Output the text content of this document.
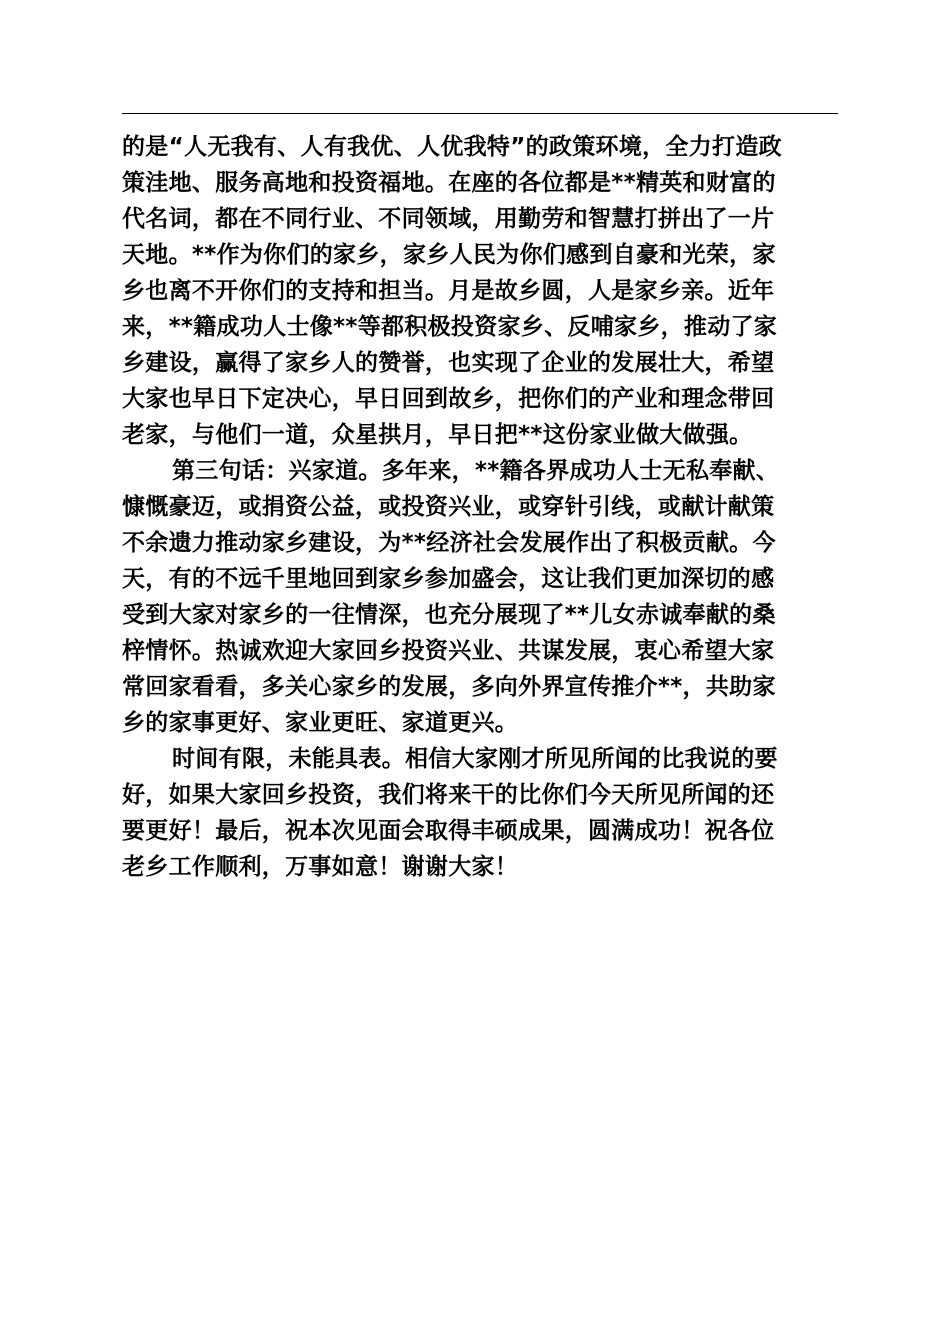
的是“人无我有、人有我优、人优我特”的政策环境，全力打造政
策洼地、服务高地和投资福地。在座的各位都是**精英和财富的
代名词，都在不同行业、不同领域，用勤劳和智慧打拼出了一片
天地。**作为你们的家乡，家乡人民为你们感到自豪和光荣，家
乡也离不开你们的支持和担当。月是故乡圆，人是家乡亲。近年
来，**籍成功人士像**等都积极投资家乡、反哺家乡，推动了家
乡建设，赢得了家乡人的赞誉，也实现了企业的发展壮大，希望
大家也早日下定决心，早日回到故乡，把你们的产业和理念带回
老家，与他们一道，众星拱月，早日把**这份家业做大做强。
第三句话：兴家道。多年来，**籍各界成功人士无私奉献、
慷慨豪迈，或捐资公益，或投资兴业，或穿针引线，或献计献策
不余遗力推动家乡建设，为**经济社会发展作出了积极贡献。今
天，有的不远千里地回到家乡参加盛会，这让我们更加深切的感
受到大家对家乡的一往情深，也充分展现了**儿女赤诚奉献的桑
梓情怀。热诚欢迎大家回乡投资兴业、共谋发展，衷心希望大家
常回家看看，多关心家乡的发展，多向外界宣传推介**，共助家
乡的家事更好、家业更旺、家道更兴。
时间有限，未能具表。相信大家刚才所见所闻的比我说的要
好，如果大家回乡投资，我们将来干的比你们今天所见所闻的还
要更好！最后，祝本次见面会取得丰硕成果，圆满成功！祝各位
老乡工作顺利，万事如意！谢谢大家！
